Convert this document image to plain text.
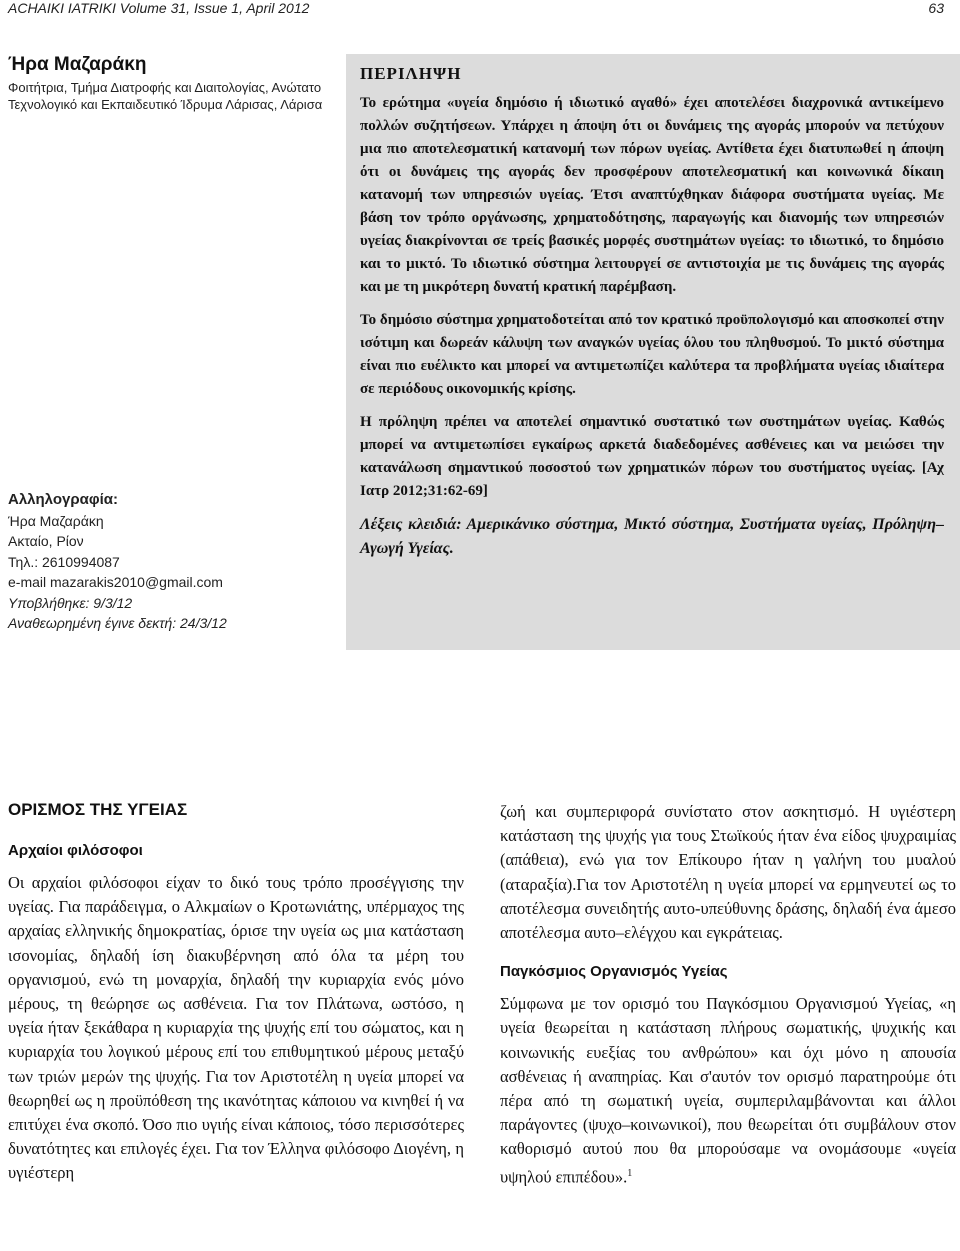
ACHAIKI IATRIKI Volume 31, Issue 1, April 2012	63
Ήρα Μαζαράκη
Φοιτήτρια, Τμήμα Διατροφής και Διαιτολογίας, Ανώτατο Τεχνολογικό και Εκπαιδευτικό Ίδρυμα Λάρισας, Λάρισα
Αλληλογραφία:
Ήρα Μαζαράκη
Ακταίο, Ρίον
Τηλ.: 2610994087
e-mail mazarakis2010@gmail.com
Υποβλήθηκε: 9/3/12
Αναθεωρημένη έγινε δεκτή: 24/3/12
ΠΕΡΙΛΗΨΗ

Το ερώτημα «υγεία δημόσιο ή ιδιωτικό αγαθό» έχει αποτελέσει διαχρονικά αντικείμενο πολλών συζητήσεων. Υπάρχει η άποψη ότι οι δυνάμεις της αγοράς μπορούν να πετύχουν μια πιο αποτελεσματική κατανομή των πόρων υγείας. Αντίθετα έχει διατυπωθεί η άποψη ότι οι δυνάμεις της αγοράς δεν προσφέρουν αποτελεσματική και κοινωνικά δίκαιη κατανομή των υπηρεσιών υγείας. Έτσι αναπτύχθηκαν διάφορα συστήματα υγείας. Με βάση τον τρόπο οργάνωσης, χρηματοδότησης, παραγωγής και διανομής των υπηρεσιών υγείας διακρίνονται σε τρείς βασικές μορφές συστημάτων υγείας: το ιδιωτικό, το δημόσιο και το μικτό. Το ιδιωτικό σύστημα λειτουργεί σε αντιστοιχία με τις δυνάμεις της αγοράς και με τη μικρότερη δυνατή κρατική παρέμβαση.

Το δημόσιο σύστημα χρηματοδοτείται από τον κρατικό προϋπολογισμό και αποσκοπεί στην ισότιμη και δωρεάν κάλυψη των αναγκών υγείας όλου του πληθυσμού. Το μικτό σύστημα είναι πιο ευέλικτο και μπορεί να αντιμετωπίζει καλύτερα τα προβλήματα υγείας ιδιαίτερα σε περιόδους οικονομικής κρίσης.

Η πρόληψη πρέπει να αποτελεί σημαντικό συστατικό των συστημάτων υγείας. Καθώς μπορεί να αντιμετωπίσει εγκαίρως αρκετά διαδεδομένες ασθένειες και να μειώσει την κατανάλωση σημαντικού ποσοστού των χρηματικών πόρων του συστήματος υγείας. [Αχ Ιατρ 2012;31:62-69]

Λέξεις κλειδιά: Αμερικάνικο σύστημα, Μικτό σύστημα, Συστήματα υγείας, Πρόληψη–Αγωγή Υγείας.

ΟΡΙΣΜΟΣ ΤΗΣ ΥΓΕΙΑΣ
Αρχαίοι φιλόσοφοι

Οι αρχαίοι φιλόσοφοι είχαν το δικό τους τρόπο προσέγγισης την υγείας. Για παράδειγμα, ο Αλκμαίων ο Κροτωνιάτης, υπέρμαχος της αρχαίας ελληνικής δημοκρατίας, όρισε την υγεία ως μια κατάσταση ισονομίας, δηλαδή ίση διακυβέρνηση από όλα τα μέρη του οργανισμού, ενώ τη μοναρχία, δηλαδή την κυριαρχία ενός μόνο μέρους, τη θεώρησε ως ασθένεια. Για τον Πλάτωνα, ωστόσο, η υγεία ήταν ξεκάθαρα η κυριαρχία της ψυχής επί του σώματος, και η κυριαρχία του λογικού μέρους επί του επιθυμητικού μέρους μεταξύ των τριών μερών της ψυχής. Για τον Αριστοτέλη η υγεία μπορεί να θεωρηθεί ως η προϋπόθεση της ικανότητας κάποιου να κινηθεί ή να επιτύχει ένα σκοπό. Όσο πιο υγιής είναι κάποιος, τόσο περισσότερες δυνατότητες και επιλογές έχει. Για τον Έλληνα φιλόσοφο Διογένη, η υγιέστερη

ζωή και συμπεριφορά συνίστατο στον ασκητισμό. Η υγιέστερη κατάσταση της ψυχής για τους Στωϊκούς ήταν ένα είδος ψυχραιμίας (απάθεια), ενώ για τον Επίκουρο ήταν η γαλήνη του μυαλού (αταραξία).Για τον Αριστοτέλη η υγεία μπορεί να ερμηνευτεί ως το αποτέλεσμα συνειδητής αυτο-υπεύθυνης δράσης, δηλαδή ένα άμεσο αποτέλεσμα αυτο–ελέγχου και εγκράτειας.

Παγκόσμιος Οργανισμός Υγείας

Σύμφωνα με τον ορισμό του Παγκόσμιου Οργανισμού Υγείας, «η υγεία θεωρείται η κατάσταση πλήρους σωματικής, ψυχικής και κοινωνικής ευεξίας του ανθρώπου» και όχι μόνο η απουσία ασθένειας ή αναπηρίας. Και σ'αυτόν τον ορισμό παρατηρούμε ότι πέρα από τη σωματική υγεία, συμπεριλαμβάνονται και άλλοι παράγοντες (ψυχο–κοινωνικοί), που θεωρείται ότι συμβάλουν στον καθορισμό αυτού που θα μπορούσαμε να ονομάσουμε «υγεία υψηλού επιπέδου».$^1$
